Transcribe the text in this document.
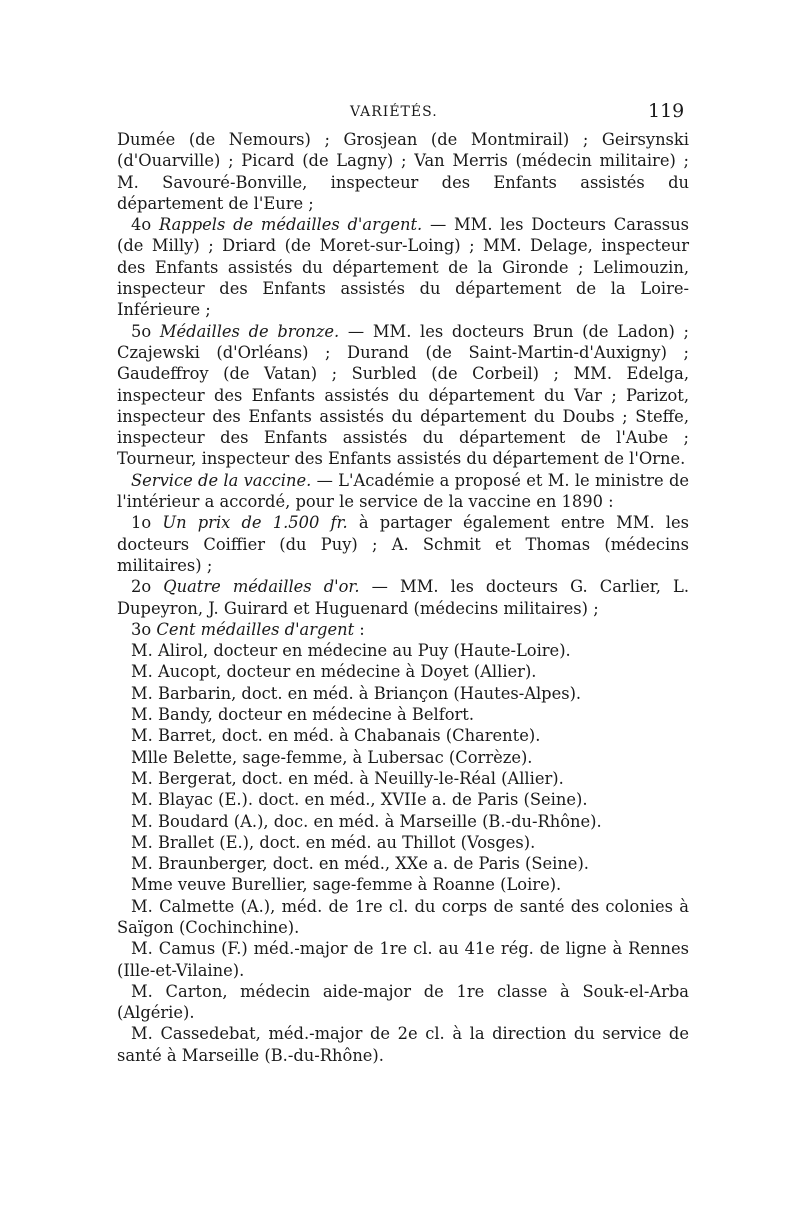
VARIÉTÉS.	119

Dumée (de Nemours) ; Grosjean (de Montmirail) ; Geirsynski (d'Ouarville) ; Picard (de Lagny) ; Van Merris (médecin militaire) ; M. Savouré-Bonville, inspecteur des Enfants assistés du département de l'Eure ;

4o Rappels de médailles d'argent. — MM. les Docteurs Carassus (de Milly) ; Driard (de Moret-sur-Loing) ; MM. Delage, inspecteur des Enfants assistés du département de la Gironde ; Lelimouzin, inspecteur des Enfants assistés du département de la Loire-Inférieure ;

5o Médailles de bronze. — MM. les docteurs Brun (de Ladon) ; Czajewski (d'Orléans) ; Durand (de Saint-Martin-d'Auxigny) ; Gaudeffroy (de Vatan) ; Surbled (de Corbeil) ; MM. Edelga, inspecteur des Enfants assistés du département du Var ; Parizot, inspecteur des Enfants assistés du département du Doubs ; Steffe, inspecteur des Enfants assistés du département de l'Aube ; Tourneur, inspecteur des Enfants assistés du département de l'Orne.

Service de la vaccine. — L'Académie a proposé et M. le ministre de l'intérieur a accordé, pour le service de la vaccine en 1890 :

1o Un prix de 1.500 fr. à partager également entre MM. les docteurs Coiffier (du Puy) ; A. Schmit et Thomas (médecins militaires) ;

2o Quatre médailles d'or. — MM. les docteurs G. Carlier, L. Dupeyron, J. Guirard et Huguenard (médecins militaires) ;

3o Cent médailles d'argent :

M. Alirol, docteur en médecine au Puy (Haute-Loire).

M. Aucopt, docteur en médecine à Doyet (Allier).

M. Barbarin, doct. en méd. à Briançon (Hautes-Alpes).

M. Bandy, docteur en médecine à Belfort.

M. Barret, doct. en méd. à Chabanais (Charente).

Mlle Belette, sage-femme, à Lubersac (Corrèze).

M. Bergerat, doct. en méd. à Neuilly-le-Réal (Allier).

M. Blayac (E.). doct. en méd., XVIIe a. de Paris (Seine).

M. Boudard (A.), doc. en méd. à Marseille (B.-du-Rhône).

M. Brallet (E.), doct. en méd. au Thillot (Vosges).

M. Braunberger, doct. en méd., XXe a. de Paris (Seine).

Mme veuve Burellier, sage-femme à Roanne (Loire).

M. Calmette (A.), méd. de 1re cl. du corps de santé des colonies à Saïgon (Cochinchine).

M. Camus (F.) méd.-major de 1re cl. au 41e rég. de ligne à Rennes (Ille-et-Vilaine).

M. Carton, médecin aide-major de 1re classe à Souk-el-Arba (Algérie).

M. Cassedebat, méd.-major de 2e cl. à la direction du service de santé à Marseille (B.-du-Rhône).
